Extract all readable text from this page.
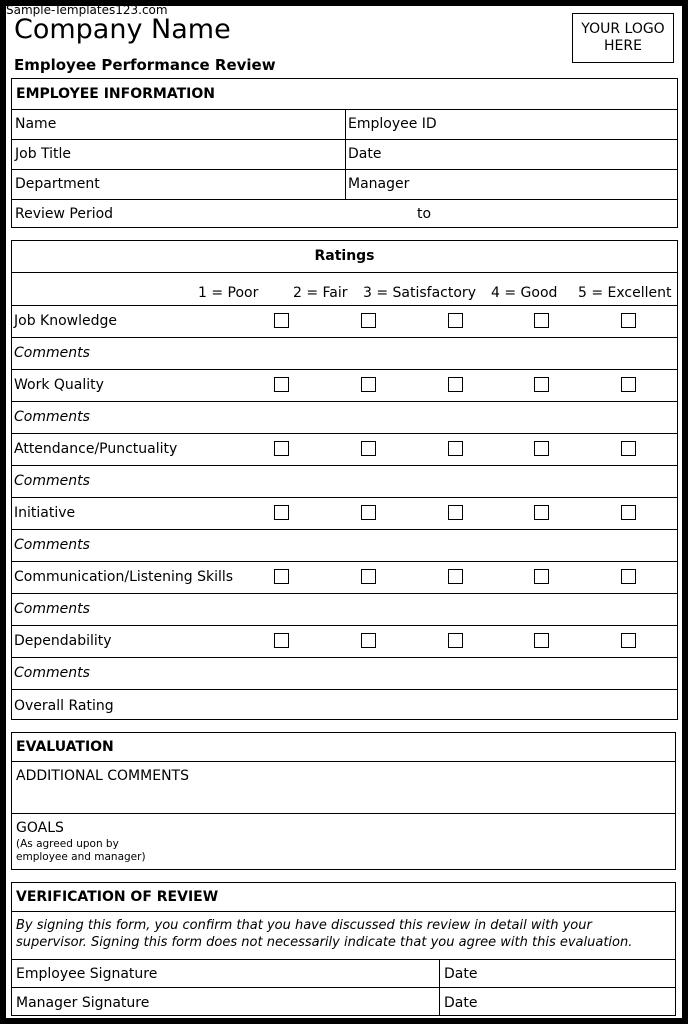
Sample-Templates123.com
Company Name
Employee Performance Review
YOUR LOGO
HERE
EMPLOYEE INFORMATION
Name	Employee ID
Job Title	Date
Department	Manager
Review Period	to
Ratings
1 = Poor 2 = Fair 3 = Satisfactory 4 = Good 5 = Excellent
Job Knowledge
Comments
Work Quality
Comments
Attendance/Punctuality
Comments
Initiative
Comments
Communication/Listening Skills
Comments
Dependability
Comments
Overall Rating
EVALUATION
ADDITIONAL COMMENTS
GOALS
(As agreed upon by
employee and manager)
VERIFICATION OF REVIEW
By signing this form, you confirm that you have discussed this review in detail with your
supervisor. Signing this form does not necessarily indicate that you agree with this evaluation.
Employee Signature	Date
Manager Signature	Date
